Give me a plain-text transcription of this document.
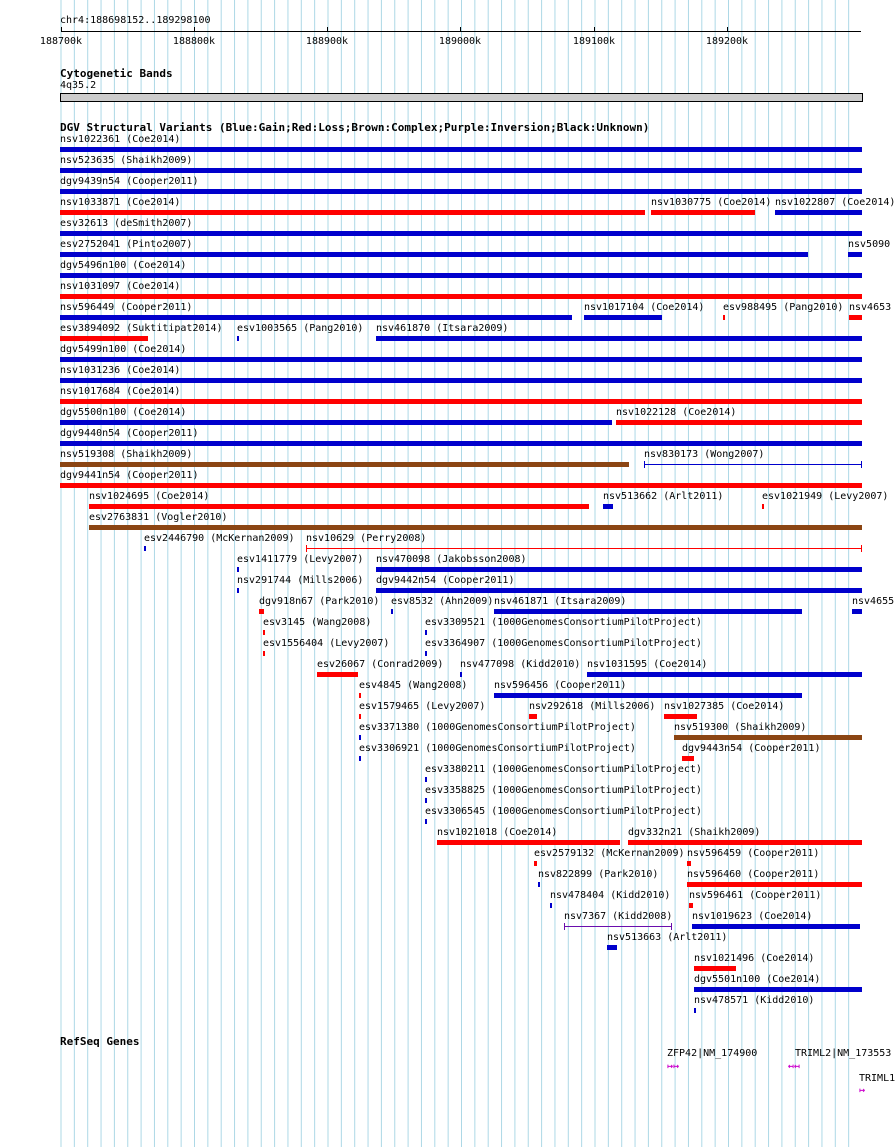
chr4:188698152..189298100
188700k	188800k	188900k	189000k	189100k	189200k
Cytogenetic Bands
4q35.2
DGV Structural Variants (Blue:Gain;Red:Loss;Brown:Complex;Purple:Inversion;Black:Unknown)
nsv1022361 (Coe2014)
nsv523635 (Shaikh2009)
dgv9439n54 (Cooper2011)
nsv1033871 (Coe2014)	nsv1030775 (Coe2014) nsv1022807 (Coe2014)
esv32613 (deSmith2007)
esv2752041 (Pinto2007)	nsv5090
dgv5496n100 (Coe2014)
nsv1031097 (Coe2014)
nsv596449 (Cooper2011)	nsv1017104 (Coe2014) esv988495 (Pang2010) nsv4653
esv3894092 (Suktitipat2014) esv1003565 (Pang2010) nsv461870 (Itsara2009)
dgv5499n100 (Coe2014)
nsv1031236 (Coe2014)
nsv1017684 (Coe2014)
dgv5500n100 (Coe2014)	nsv1022128 (Coe2014)
dgv9440n54 (Cooper2011)
nsv519308 (Shaikh2009)	nsv830173 (Wong2007)
dgv9441n54 (Cooper2011)
nsv1024695 (Coe2014)	nsv513662 (Arlt2011)	esv1021949 (Levy2007)
esv2763831 (Vogler2010)
esv2446790 (McKernan2009) nsv10629 (Perry2008)
esv1411779 (Levy2007) nsv470098 (Jakobsson2008)
nsv291744 (Mills2006) dgv9442n54 (Cooper2011)
dgv918n67 (Park2010) esv8532 (Ahn2009) nsv461871 (Itsara2009)	nsv4655
esv3145 (Wang2008)	esv3309521 (1000GenomesConsortiumPilotProject)
esv1556404 (Levy2007)	esv3364907 (1000GenomesConsortiumPilotProject)
esv26067 (Conrad2009) nsv477098 (Kidd2010) nsv1031595 (Coe2014)
esv4845 (Wang2008)	nsv596456 (Cooper2011)
esv1579465 (Levy2007)	nsv292618 (Mills2006) nsv1027385 (Coe2014)
esv3371380 (1000GenomesConsortiumPilotProject)	nsv519300 (Shaikh2009)
esv3306921 (1000GenomesConsortiumPilotProject)	dgv9443n54 (Cooper2011)
esv3380211 (1000GenomesConsortiumPilotProject)
esv3358825 (1000GenomesConsortiumPilotProject)
esv3306545 (1000GenomesConsortiumPilotProject)
nsv1021018 (Coe2014)	dgv332n21 (Shaikh2009)
esv2579132 (McKernan2009) nsv596459 (Cooper2011)
nsv822899 (Park2010)	nsv596460 (Cooper2011)
nsv478404 (Kidd2010) nsv596461 (Cooper2011)
nsv7367 (Kidd2008) nsv1019623 (Coe2014)
nsv513663 (Arlt2011)
nsv1021496 (Coe2014)
dgv5501n100 (Coe2014)
nsv478571 (Kidd2010)
RefSeq Genes
ZFP42|NM_174900
↦↦
TRIML2|NM_173553
↤↤
TRIML1
↦
